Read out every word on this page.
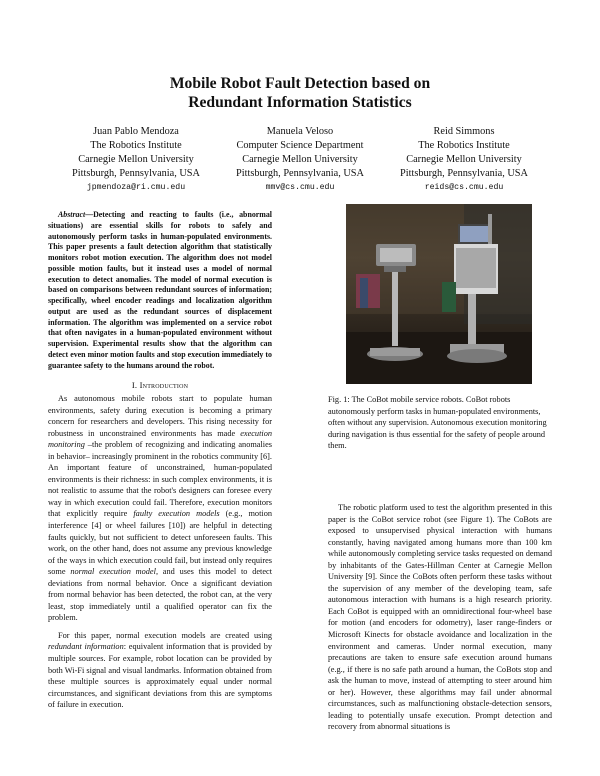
Mobile Robot Fault Detection based on
Redundant Information Statistics
Juan Pablo Mendoza
The Robotics Institute
Carnegie Mellon University
Pittsburgh, Pennsylvania, USA
jpmendoza@ri.cmu.edu
Manuela Veloso
Computer Science Department
Carnegie Mellon University
Pittsburgh, Pennsylvania, USA
mmv@cs.cmu.edu
Reid Simmons
The Robotics Institute
Carnegie Mellon University
Pittsburgh, Pennsylvania, USA
reids@cs.cmu.edu

Abstract—Detecting and reacting to faults (i.e., abnormal situations) are essential skills for robots to safely and autonomously perform tasks in human-populated environments. This paper presents a fault detection algorithm that statistically monitors robot motion execution. The algorithm does not model possible motion faults, but it instead uses a model of normal execution to detect anomalies. The model of normal execution is based on comparisons between redundant sources of information; specifically, wheel encoder readings and localization algorithm output are used as the redundant sources of displacement information. The algorithm was implemented on a service robot that often navigates in a human-populated environment without supervision. Experimental results show that the algorithm can detect even minor motion faults and stop execution immediately to guarantee safety to the humans around the robot.

I. Introduction

As autonomous mobile robots start to populate human environments, safety during execution is becoming a primary concern for researchers and developers. This rising necessity for robustness in unconstrained environments has made execution monitoring –the problem of recognizing and indicating anomalies in behavior– increasingly prominent in the robotics community [6]. An important feature of unconstrained, human-populated environments is their richness: in such complex environments, it is not realistic to assume that the robot's designers can foresee every way in which execution could fail. Therefore, execution monitors that explicitly require faulty execution models (e.g., motion interference [4] or wheel failures [10]) are helpful in detecting faults quickly, but not sufficient to detect unforeseen faults. This work, on the other hand, does not assume any previous knowledge of the ways in which execution could fail, but instead only requires some normal execution model, and uses this model to detect deviations from normal behavior. Once a significant deviation from normal behavior has been detected, the robot can, at the very least, stop immediately until a qualified operator can fix the problem.

For this paper, normal execution models are created using redundant information: equivalent information that is provided by multiple sources. For example, robot location can be provided by both Wi-Fi signal and visual landmarks. Information obtained from these multiple sources is approximately equal under normal circumstances, and significant deviations from this are symptoms of failure in execution.

Fig. 1: The CoBot mobile service robots. CoBot robots autonomously perform tasks in human-populated environments, often without any supervision. Autonomous execution monitoring during navigation is thus essential for the safety of people around them.

The robotic platform used to test the algorithm presented in this paper is the CoBot service robot (see Figure 1). The CoBots are exposed to unsupervised physical interaction with humans constantly, having navigated among humans more than 100 km while autonomously completing service tasks requested on demand by inhabitants of the Gates-Hillman Center at Carnegie Mellon University [9]. Since the CoBots often perform these tasks without the supervision of any member of the developing team, safe autonomous interaction with humans is a high research priority. Each CoBot is equipped with an omnidirectional four-wheel base for motion (and encoders for odometry), laser range-finders or Microsoft Kinects for obstacle avoidance and localization in the environment and cameras. Under normal execution, many precautions are taken to ensure safe execution around humans (e.g., if there is no safe path around a human, the CoBots stop and ask the human to move, instead of attempting to steer around him or her). However, these algorithms may fail under abnormal circumstances, such as malfunctioning obstacle-detection sensors, leading to potentially unsafe execution. Prompt detection and recovery from abnormal situations is
